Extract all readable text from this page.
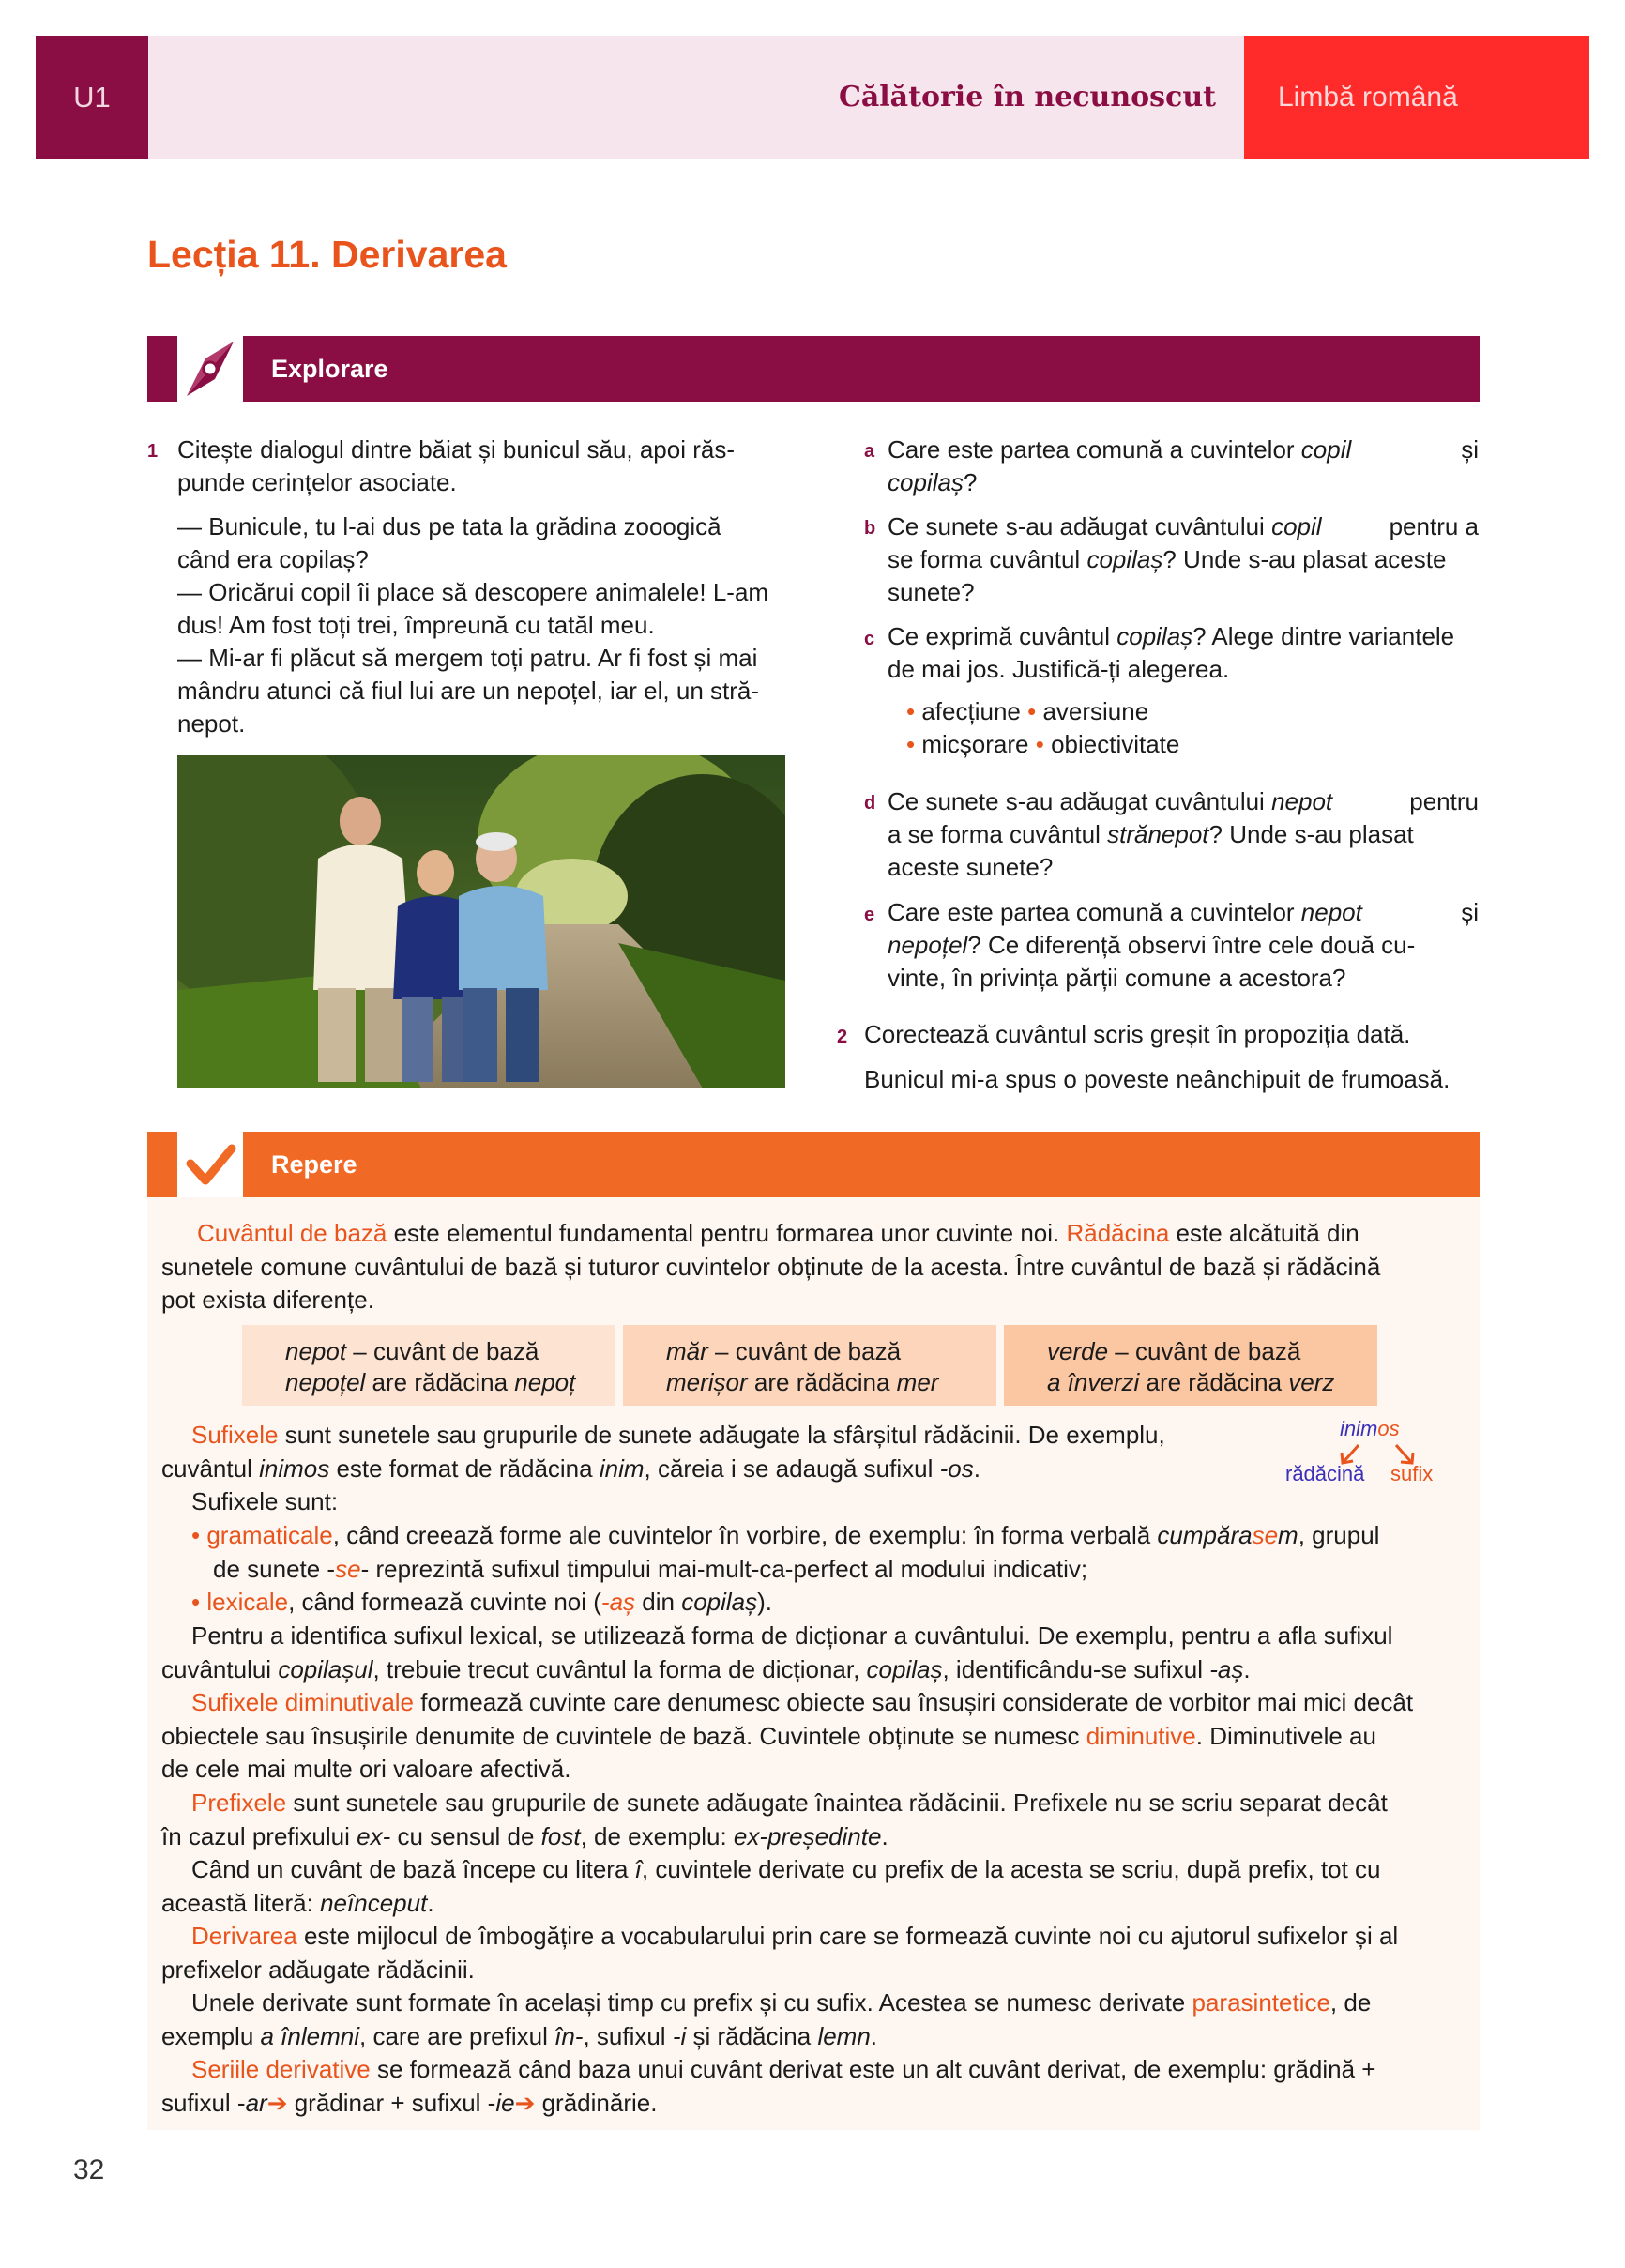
U1	Călătorie în necunoscut	Limbă română
Lecția 11. Derivarea
Explorare
1 Citește dialogul dintre băiat și bunicul său, apoi răs-
punde cerințelor asociate.
— Bunicule, tu l-ai dus pe tata la grădina zooogică
când era copilaș?
— Oricărui copil îi place să descopere animalele! L-am
dus! Am fost toți trei, împreună cu tatăl meu.
— Mi-ar fi plăcut să mergem toți patru. Ar fi fost și mai
mândru atunci că fiul lui are un nepoțel, iar el, un stră-
nepot.
a Care este partea comună a cuvintelor copil	și
copilaș?
b Ce sunete s-au adăugat cuvântului copil	pentru a
se forma cuvântul copilaș? Unde s-au plasat aceste
sunete?
c Ce exprimă cuvântul copilaș? Alege dintre variantele
de mai jos. Justifică-ți alegerea.
• afecțiune • aversiune
• micșorare • obiectivitate
d Ce sunete s-au adăugat cuvântului nepot	pentru
a se forma cuvântul strănepot? Unde s-au plasat
aceste sunete?
e Care este partea comună a cuvintelor nepot	și
nepoțel? Ce diferență observi între cele două cu-
vinte, în privința părții comune a acestora?
2 Corectează cuvântul scris greșit în propoziția dată.
Bunicul mi-a spus o poveste neânchipuit de frumoasă.
Repere
Cuvântul de bază este elementul fundamental pentru formarea unor cuvinte noi. Rădăcina este alcătuită din
sunetele comune cuvântului de bază și tuturor cuvintelor obținute de la acesta. Între cuvântul de bază și rădăcină
pot exista diferențe.
nepot – cuvânt de bază
nepoțel are rădăcina nepoț
măr – cuvânt de bază
merișor are rădăcina mer
verde – cuvânt de bază
a înverzi are rădăcina verz
Sufixele sunt sunetele sau grupurile de sunete adăugate la sfârșitul rădăcinii. De exemplu,
cuvântul inimos este format de rădăcina inim, căreia i se adaugă sufixul -os.
Sufixele sunt:
inimos
rădăcină sufix
• gramaticale, când creează forme ale cuvintelor în vorbire, de exemplu: în forma verbală cumpărasem, grupul
de sunete -se- reprezintă sufixul timpului mai-mult-ca-perfect al modului indicativ;
• lexicale, când formează cuvinte noi (-aș din copilaș).
Pentru a identifica sufixul lexical, se utilizează forma de dicționar a cuvântului. De exemplu, pentru a afla sufixul
cuvântului copilașul, trebuie trecut cuvântul la forma de dicționar, copilaș, identificându-se sufixul -aș.
Sufixele diminutivale formează cuvinte care denumesc obiecte sau însușiri considerate de vorbitor mai mici decât
obiectele sau însușirile denumite de cuvintele de bază. Cuvintele obținute se numesc diminutive. Diminutivele au
de cele mai multe ori valoare afectivă.
Prefixele sunt sunetele sau grupurile de sunete adăugate înaintea rădăcinii. Prefixele nu se scriu separat decât
în cazul prefixului ex- cu sensul de fost, de exemplu: ex-președinte.
Când un cuvânt de bază începe cu litera î, cuvintele derivate cu prefix de la acesta se scriu, după prefix, tot cu
această literă: neînceput.
Derivarea este mijlocul de îmbogățire a vocabularului prin care se formează cuvinte noi cu ajutorul sufixelor și al
prefixelor adăugate rădăcinii.
Unele derivate sunt formate în același timp cu prefix și cu sufix. Acestea se numesc derivate parasintetice, de
exemplu a înlemni, care are prefixul în-, sufixul -i și rădăcina lemn.
Seriile derivative se formează când baza unui cuvânt derivat este un alt cuvânt derivat, de exemplu: grădină +
sufixul -ar➔ grădinar + sufixul -ie➔ grădinărie.
32
